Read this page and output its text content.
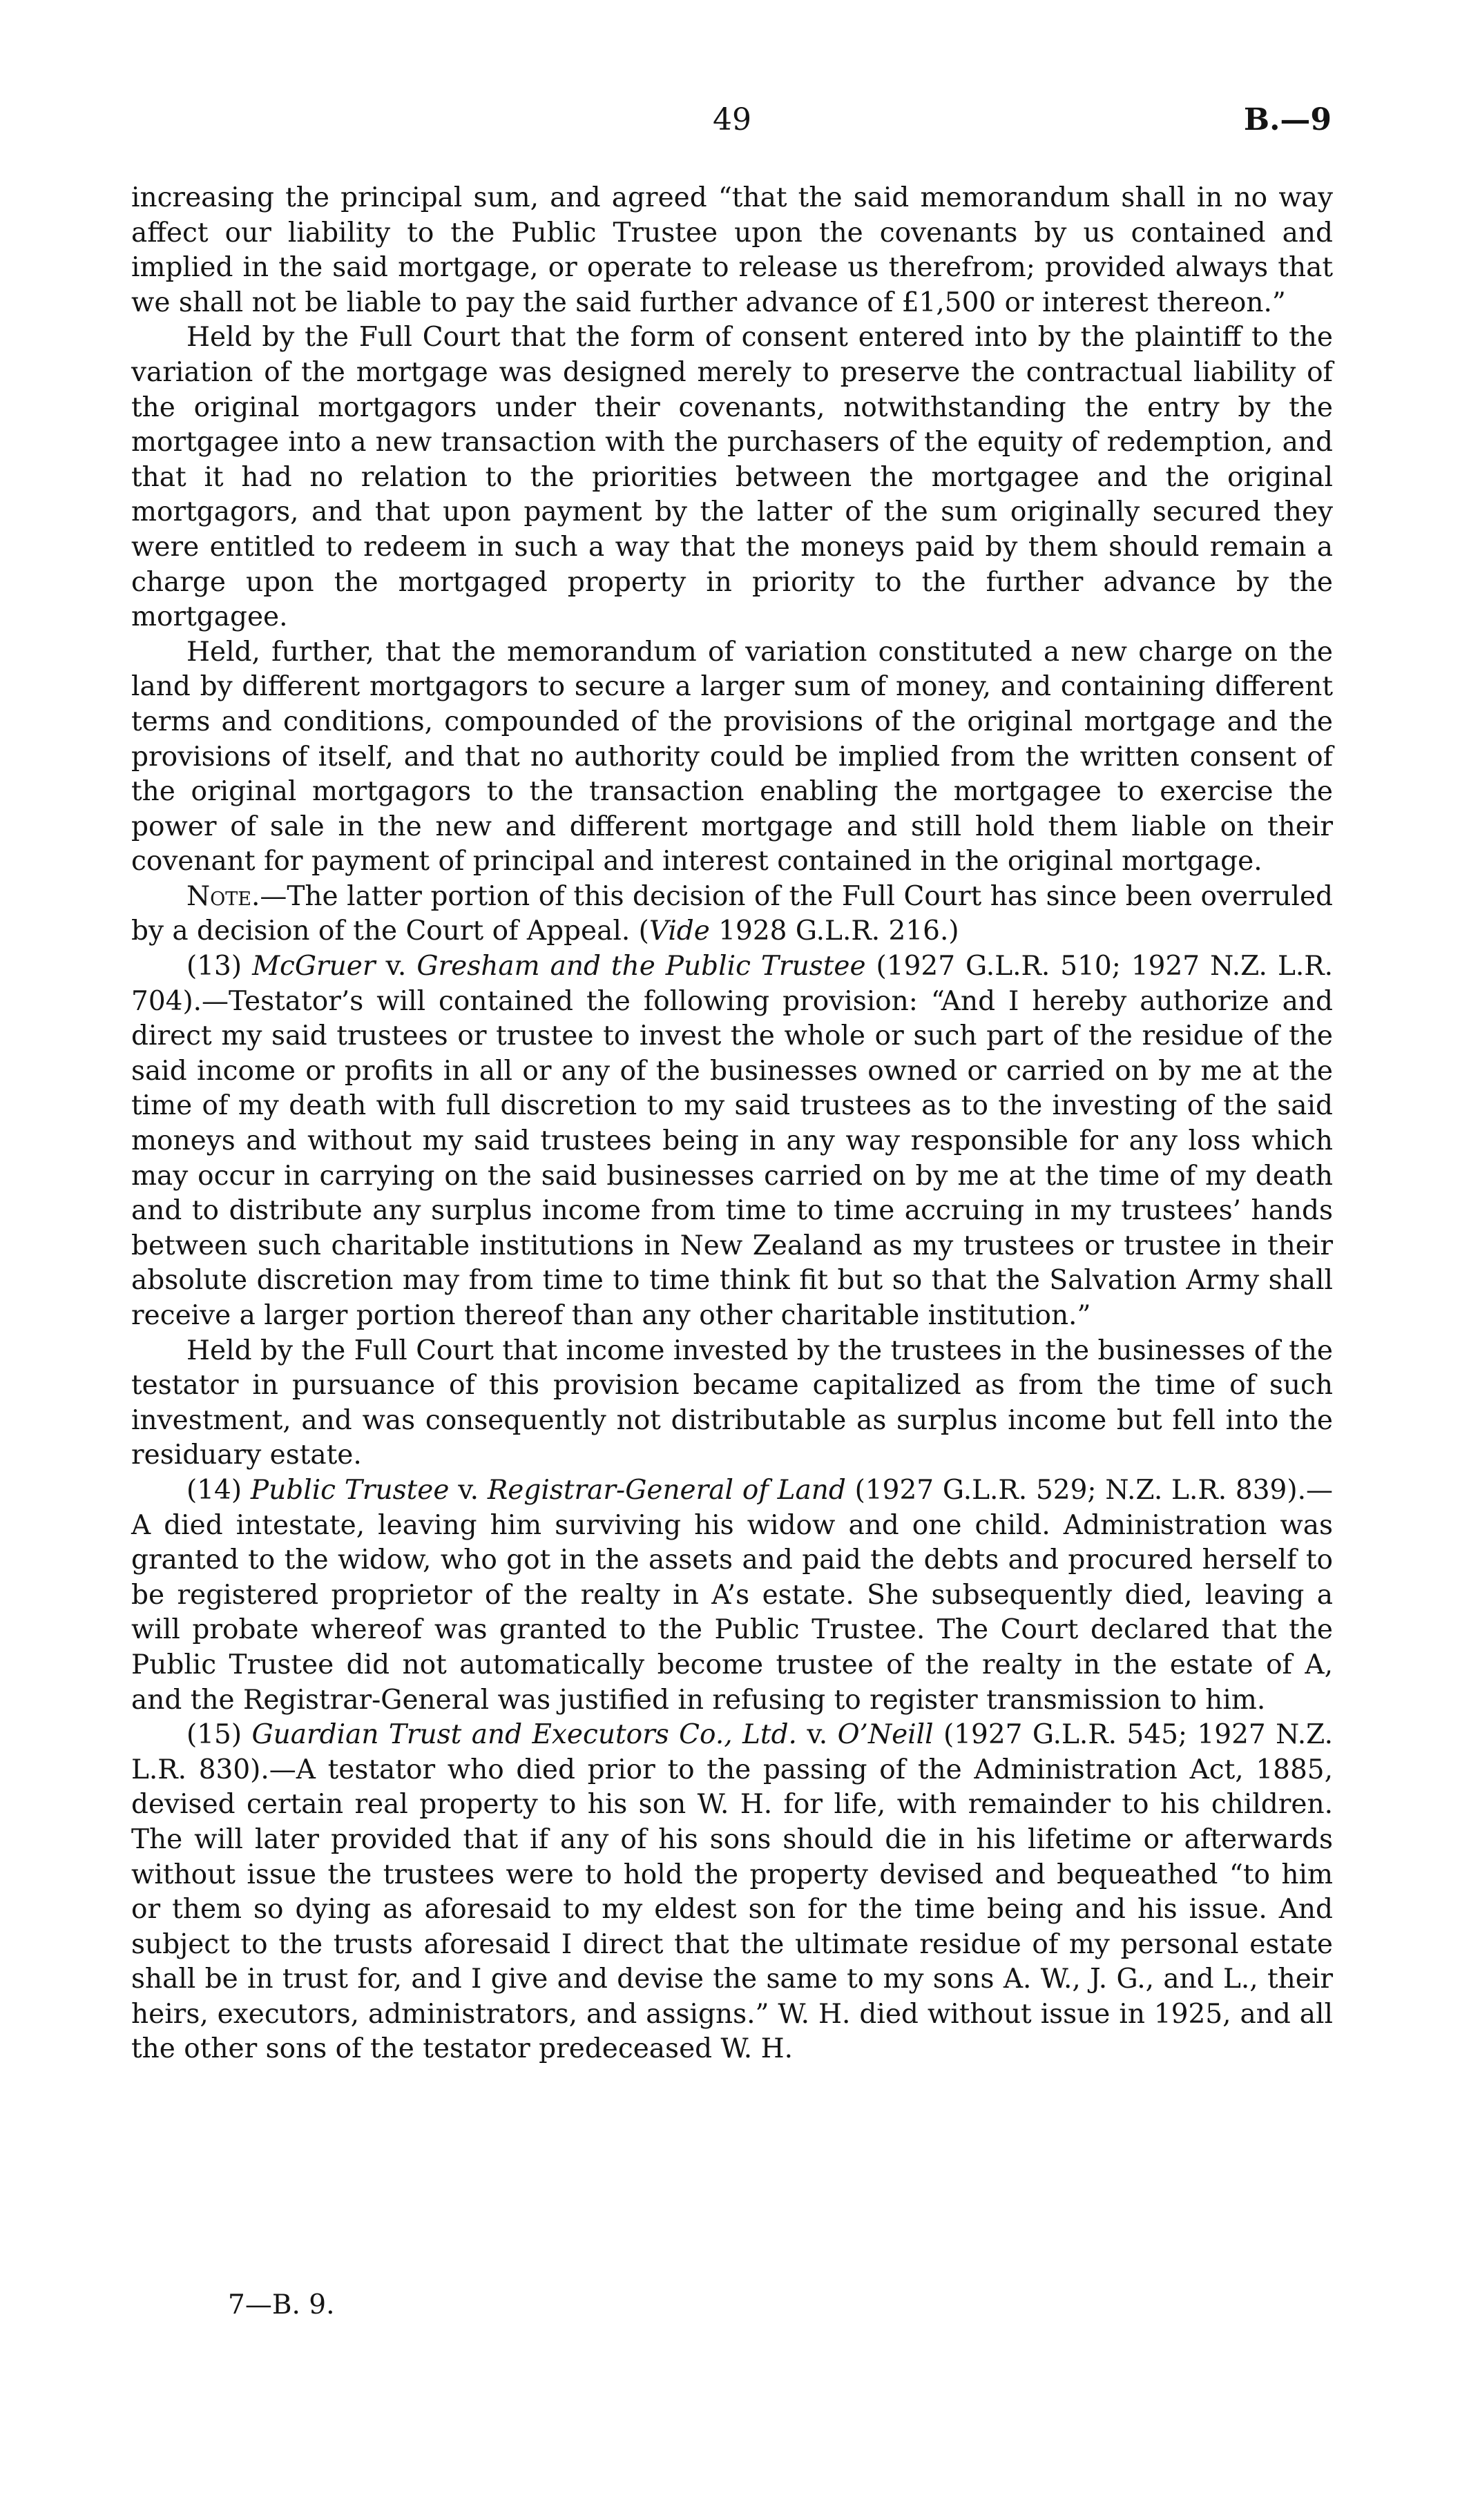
49	B.—9

increasing the principal sum, and agreed “that the said memorandum shall in no way affect our liability to the Public Trustee upon the covenants by us contained and implied in the said mortgage, or operate to release us therefrom; provided always that we shall not be liable to pay the said further advance of £1,500 or interest thereon.”

Held by the Full Court that the form of consent entered into by the plaintiff to the variation of the mortgage was designed merely to preserve the contractual liability of the original mortgagors under their covenants, notwithstanding the entry by the mortgagee into a new transaction with the purchasers of the equity of redemption, and that it had no relation to the priorities between the mortgagee and the original mortgagors, and that upon payment by the latter of the sum originally secured they were entitled to redeem in such a way that the moneys paid by them should remain a charge upon the mortgaged property in priority to the further advance by the mortgagee.

Held, further, that the memorandum of variation constituted a new charge on the land by different mortgagors to secure a larger sum of money, and containing different terms and conditions, compounded of the provisions of the original mortgage and the provisions of itself, and that no authority could be implied from the written consent of the original mortgagors to the transaction enabling the mortgagee to exercise the power of sale in the new and different mortgage and still hold them liable on their covenant for payment of principal and interest contained in the original mortgage.

Note.—The latter portion of this decision of the Full Court has since been overruled by a decision of the Court of Appeal. (Vide 1928 G.L.R. 216.)

(13) McGruer v. Gresham and the Public Trustee (1927 G.L.R. 510; 1927 N.Z. L.R. 704).—Testator’s will contained the following provision: “And I hereby authorize and direct my said trustees or trustee to invest the whole or such part of the residue of the said income or profits in all or any of the businesses owned or carried on by me at the time of my death with full discretion to my said trustees as to the investing of the said moneys and without my said trustees being in any way responsible for any loss which may occur in carrying on the said businesses carried on by me at the time of my death and to distribute any surplus income from time to time accruing in my trustees’ hands between such charitable institutions in New Zealand as my trustees or trustee in their absolute discretion may from time to time think fit but so that the Salvation Army shall receive a larger portion thereof than any other charitable institution.”

Held by the Full Court that income invested by the trustees in the businesses of the testator in pursuance of this provision became capitalized as from the time of such investment, and was consequently not distributable as surplus income but fell into the residuary estate.

(14) Public Trustee v. Registrar-General of Land (1927 G.L.R. 529; N.Z. L.R. 839).—A died intestate, leaving him surviving his widow and one child. Administration was granted to the widow, who got in the assets and paid the debts and procured herself to be registered proprietor of the realty in A’s estate. She subsequently died, leaving a will probate whereof was granted to the Public Trustee. The Court declared that the Public Trustee did not automatically become trustee of the realty in the estate of A, and the Registrar-General was justified in refusing to register transmission to him.

(15) Guardian Trust and Executors Co., Ltd. v. O’Neill (1927 G.L.R. 545; 1927 N.Z. L.R. 830).—A testator who died prior to the passing of the Administration Act, 1885, devised certain real property to his son W. H. for life, with remainder to his children. The will later provided that if any of his sons should die in his lifetime or afterwards without issue the trustees were to hold the property devised and bequeathed “to him or them so dying as aforesaid to my eldest son for the time being and his issue. And subject to the trusts aforesaid I direct that the ultimate residue of my personal estate shall be in trust for, and I give and devise the same to my sons A. W., J. G., and L., their heirs, executors, administrators, and assigns.” W. H. died without issue in 1925, and all the other sons of the testator predeceased W. H.

7—B. 9.
